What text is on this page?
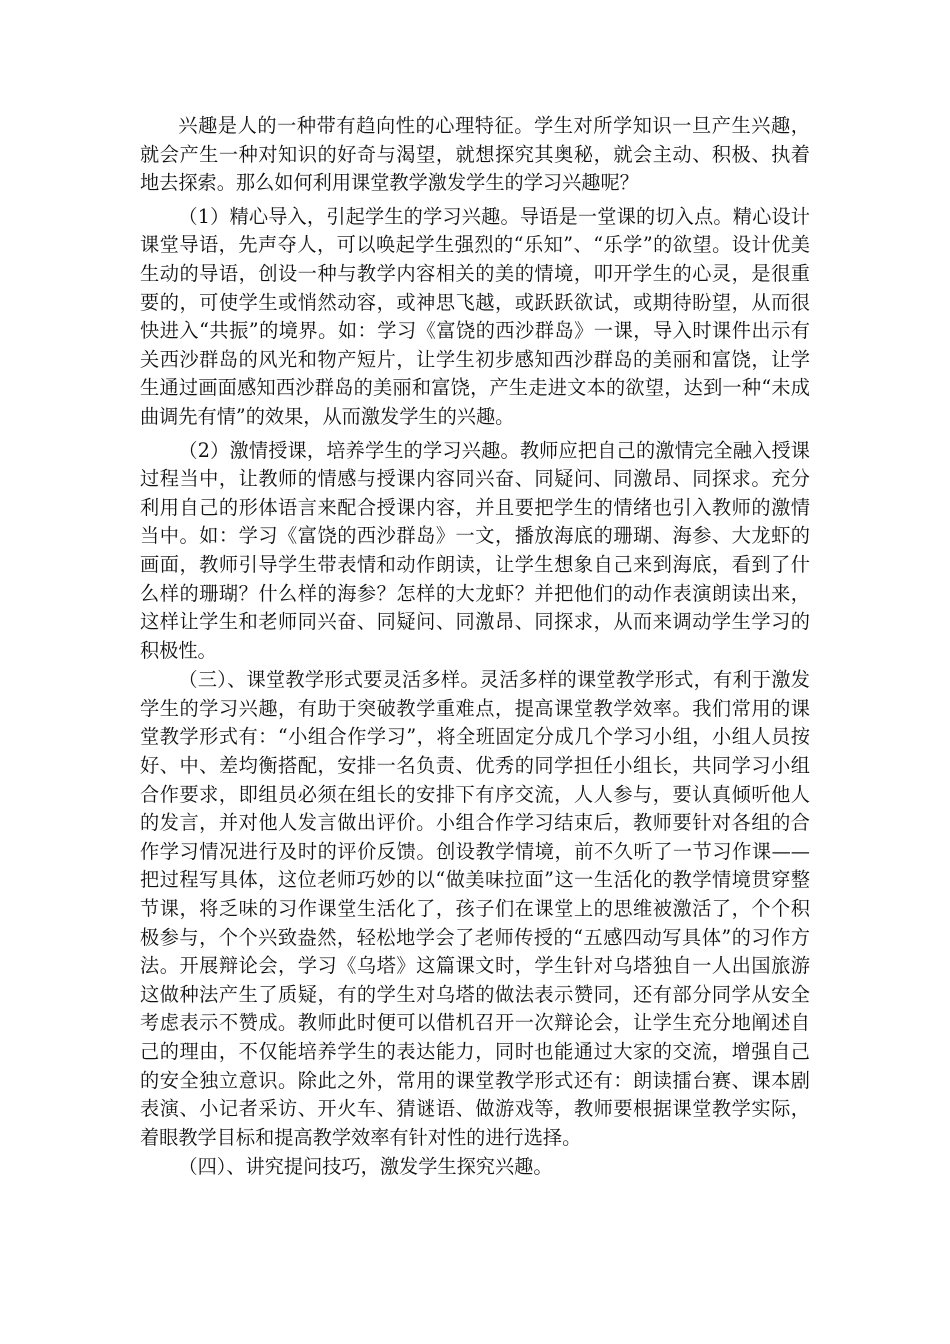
兴趣是人的一种带有趋向性的心理特征。学生对所学知识一旦产生兴趣，就会产生一种对知识的好奇与渴望，就想探究其奥秘，就会主动、积极、执着地去探索。那么如何利用课堂教学激发学生的学习兴趣呢？

（1）精心导入，引起学生的学习兴趣。导语是一堂课的切入点。精心设计课堂导语，先声夺人，可以唤起学生强烈的“乐知”、“乐学”的欲望。设计优美生动的导语，创设一种与教学内容相关的美的情境，叩开学生的心灵，是很重要的，可使学生或悄然动容，或神思飞越，或跃跃欲试，或期待盼望，从而很快进入“共振”的境界。如：学习《富饶的西沙群岛》一课，导入时课件出示有关西沙群岛的风光和物产短片，让学生初步感知西沙群岛的美丽和富饶，让学生通过画面感知西沙群岛的美丽和富饶，产生走进文本的欲望，达到一种“未成曲调先有情”的效果，从而激发学生的兴趣。

（2）激情授课，培养学生的学习兴趣。教师应把自己的激情完全融入授课过程当中，让教师的情感与授课内容同兴奋、同疑问、同激昂、同探求。充分利用自己的形体语言来配合授课内容，并且要把学生的情绪也引入教师的激情当中。如：学习《富饶的西沙群岛》一文，播放海底的珊瑚、海参、大龙虾的画面，教师引导学生带表情和动作朗读，让学生想象自己来到海底，看到了什么样的珊瑚？什么样的海参？怎样的大龙虾？并把他们的动作表演朗读出来，这样让学生和老师同兴奋、同疑问、同激昂、同探求，从而来调动学生学习的积极性。

（三）、课堂教学形式要灵活多样。灵活多样的课堂教学形式，有利于激发学生的学习兴趣，有助于突破教学重难点，提高课堂教学效率。我们常用的课堂教学形式有：“小组合作学习”，将全班固定分成几个学习小组，小组人员按好、中、差均衡搭配，安排一名负责、优秀的同学担任小组长，共同学习小组合作要求，即组员必须在组长的安排下有序交流，人人参与，要认真倾听他人的发言，并对他人发言做出评价。小组合作学习结束后，教师要针对各组的合作学习情况进行及时的评价反馈。创设教学情境，前不久听了一节习作课——把过程写具体，这位老师巧妙的以“做美味拉面”这一生活化的教学情境贯穿整节课，将乏味的习作课堂生活化了，孩子们在课堂上的思维被激活了，个个积极参与，个个兴致盎然，轻松地学会了老师传授的“五感四动写具体”的习作方法。开展辩论会，学习《乌塔》这篇课文时，学生针对乌塔独自一人出国旅游这做种法产生了质疑，有的学生对乌塔的做法表示赞同，还有部分同学从安全考虑表示不赞成。教师此时便可以借机召开一次辩论会，让学生充分地阐述自己的理由，不仅能培养学生的表达能力，同时也能通过大家的交流，增强自己的安全独立意识。除此之外，常用的课堂教学形式还有：朗读擂台赛、课本剧表演、小记者采访、开火车、猜谜语、做游戏等，教师要根据课堂教学实际，着眼教学目标和提高教学效率有针对性的进行选择。

（四）、讲究提问技巧，激发学生探究兴趣。
